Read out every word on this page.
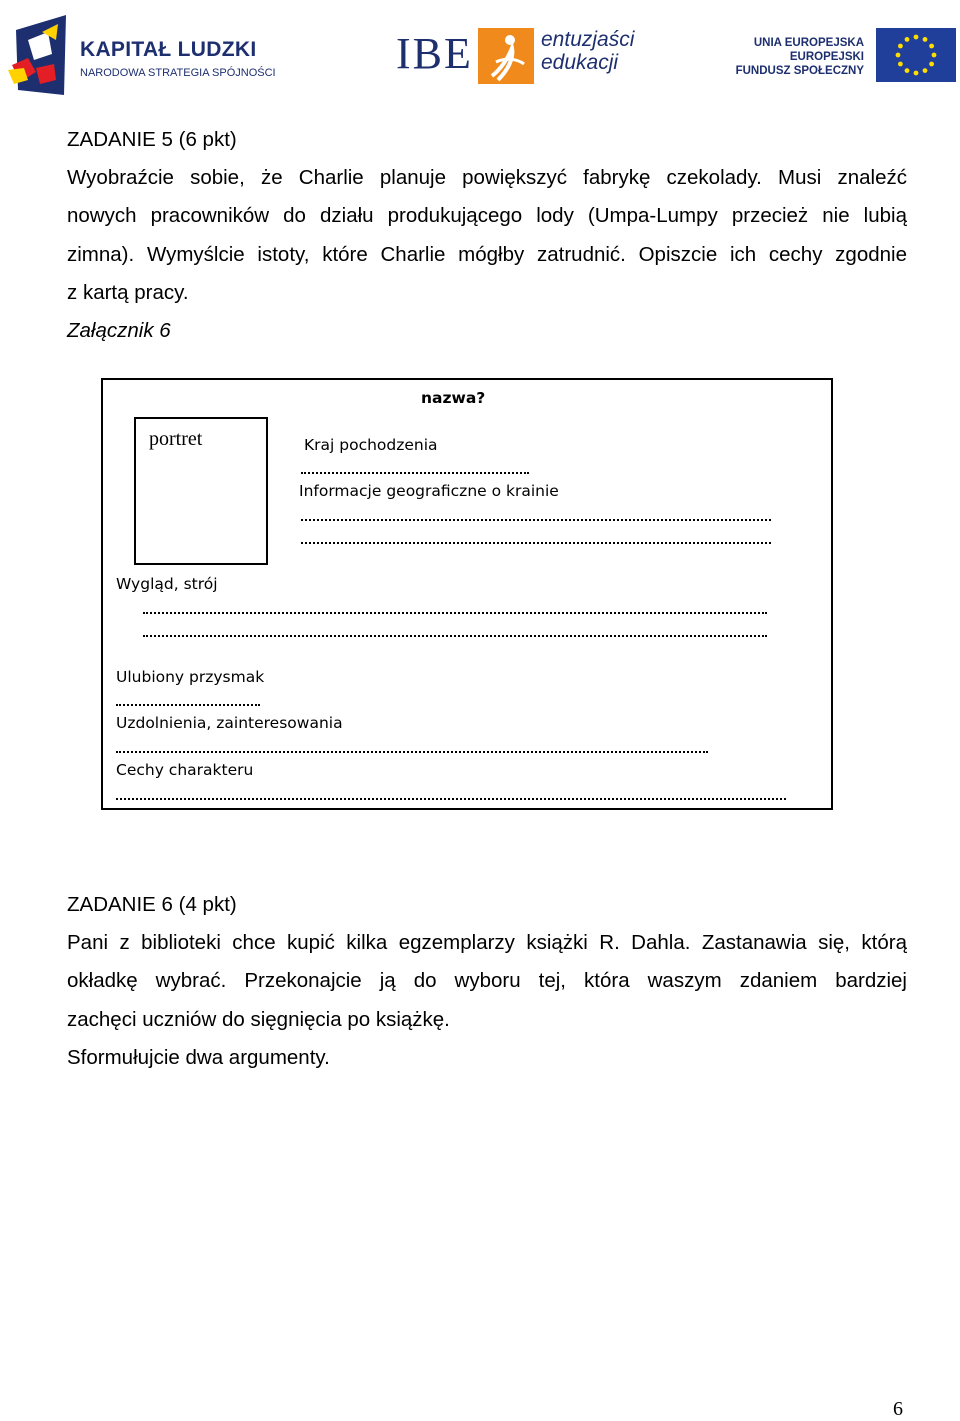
KAPITAŁ LUDZKI
NARODOWA STRATEGIA SPÓJNOŚCI	IBE	entuzjaści
edukacji
UNIA EUROPEJSKA
EUROPEJSKI
FUNDUSZ SPOŁECZNY
ZADANIE 5 (6 pkt)
Wyobraźcie sobie, że Charlie planuje powiększyć fabrykę czekolady. Musi znaleźć
nowych pracowników do działu produkującego lody (Umpa-Lumpy przecież nie lubią
zimna). Wymyślcie istoty, które Charlie mógłby zatrudnić. Opiszcie ich cechy zgodnie
z kartą pracy.
Załącznik 6
nazwa?
portret	Kraj pochodzenia
Informacje geograficzne o krainie
Wygląd, strój
Ulubiony przysmak
Uzdolnienia, zainteresowania
Cechy charakteru
ZADANIE 6 (4 pkt)
Pani z biblioteki chce kupić kilka egzemplarzy książki R. Dahla. Zastanawia się, którą
okładkę wybrać. Przekonajcie ją do wyboru tej, która waszym zdaniem bardziej
zachęci uczniów do sięgnięcia po książkę.
Sformułujcie dwa argumenty.
6
